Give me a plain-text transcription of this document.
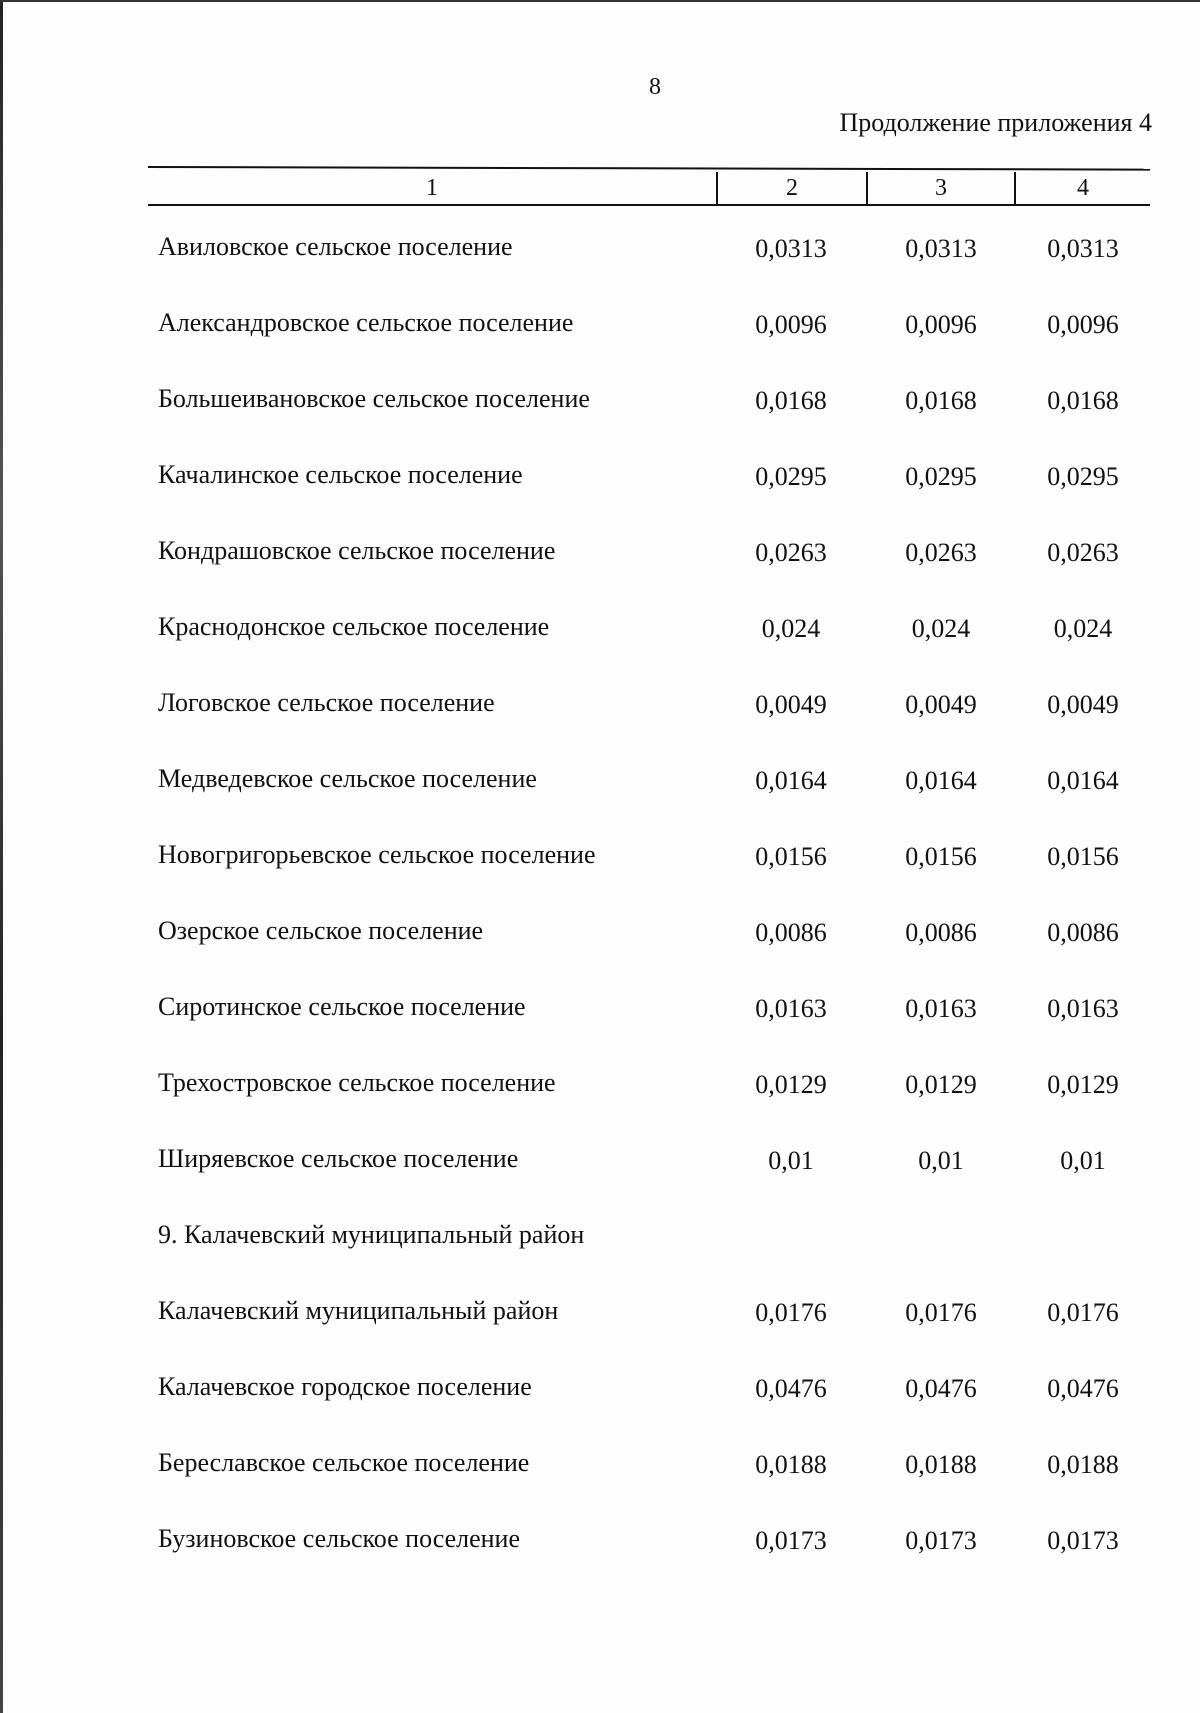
8
Продолжение приложения 4
1	2	3	4
Авиловское сельское поселение	0,0313	0,0313	0,0313
Александровское сельское поселение	0,0096	0,0096	0,0096
Большеивановское сельское поселение	0,0168	0,0168	0,0168
Качалинское сельское поселение	0,0295	0,0295	0,0295
Кондрашовское сельское поселение	0,0263	0,0263	0,0263
Краснодонское сельское поселение	0,024	0,024	0,024
Логовское сельское поселение	0,0049	0,0049	0,0049
Медведевское сельское поселение	0,0164	0,0164	0,0164
Новогригорьевское сельское поселение	0,0156	0,0156	0,0156
Озерское сельское поселение	0,0086	0,0086	0,0086
Сиротинское сельское поселение	0,0163	0,0163	0,0163
Трехостровское сельское поселение	0,0129	0,0129	0,0129
Ширяевское сельское поселение	0,01	0,01	0,01
9. Калачевский муниципальный район
Калачевский муниципальный район	0,0176	0,0176	0,0176
Калачевское городское поселение	0,0476	0,0476	0,0476
Береславское сельское поселение	0,0188	0,0188	0,0188
Бузиновское сельское поселение	0,0173	0,0173	0,0173
